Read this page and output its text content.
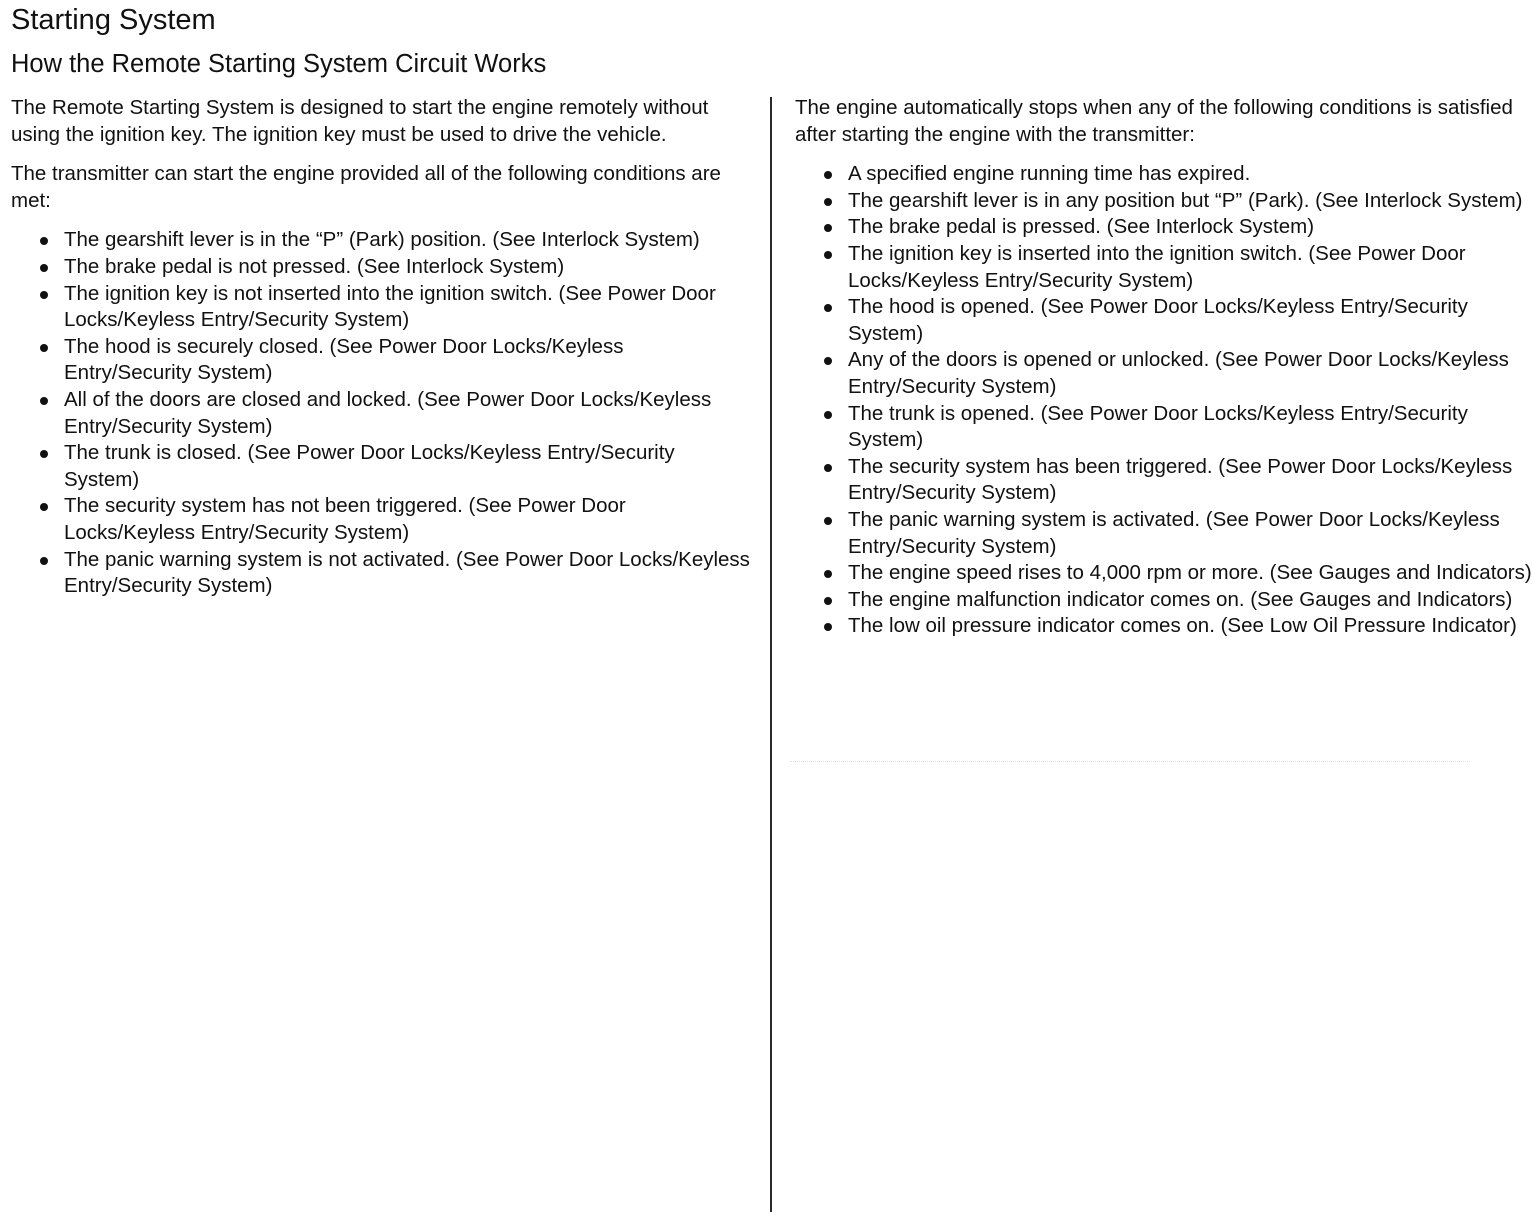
Starting System
How the Remote Starting System Circuit Works

The Remote Starting System is designed to start the engine remotely without using the ignition key. The ignition key must be used to drive the vehicle.

The transmitter can start the engine provided all of the following conditions are met:

The gearshift lever is in the “P” (Park) position. (See Interlock System)
The brake pedal is not pressed. (See Interlock System)
The ignition key is not inserted into the ignition switch. (See Power Door Locks/Keyless Entry/Security System)
The hood is securely closed. (See Power Door Locks/Keyless Entry/Security System)
All of the doors are closed and locked. (See Power Door Locks/Keyless Entry/Security System)
The trunk is closed. (See Power Door Locks/Keyless Entry/Security System)
The security system has not been triggered. (See Power Door Locks/Keyless Entry/Security System)
The panic warning system is not activated. (See Power Door Locks/Keyless Entry/Security System)

The engine automatically stops when any of the following conditions is satisfied after starting the engine with the transmitter:

A specified engine running time has expired.
The gearshift lever is in any position but “P” (Park). (See Interlock System)
The brake pedal is pressed. (See Interlock System)
The ignition key is inserted into the ignition switch. (See Power Door Locks/Keyless Entry/Security System)
The hood is opened. (See Power Door Locks/Keyless Entry/Security System)
Any of the doors is opened or unlocked. (See Power Door Locks/Keyless Entry/Security System)
The trunk is opened. (See Power Door Locks/Keyless Entry/Security System)
The security system has been triggered. (See Power Door Locks/Keyless Entry/Security System)
The panic warning system is activated. (See Power Door Locks/Keyless Entry/Security System)
The engine speed rises to 4,000 rpm or more. (See Gauges and Indicators)
The engine malfunction indicator comes on. (See Gauges and Indicators)
The low oil pressure indicator comes on. (See Low Oil Pressure Indicator)
